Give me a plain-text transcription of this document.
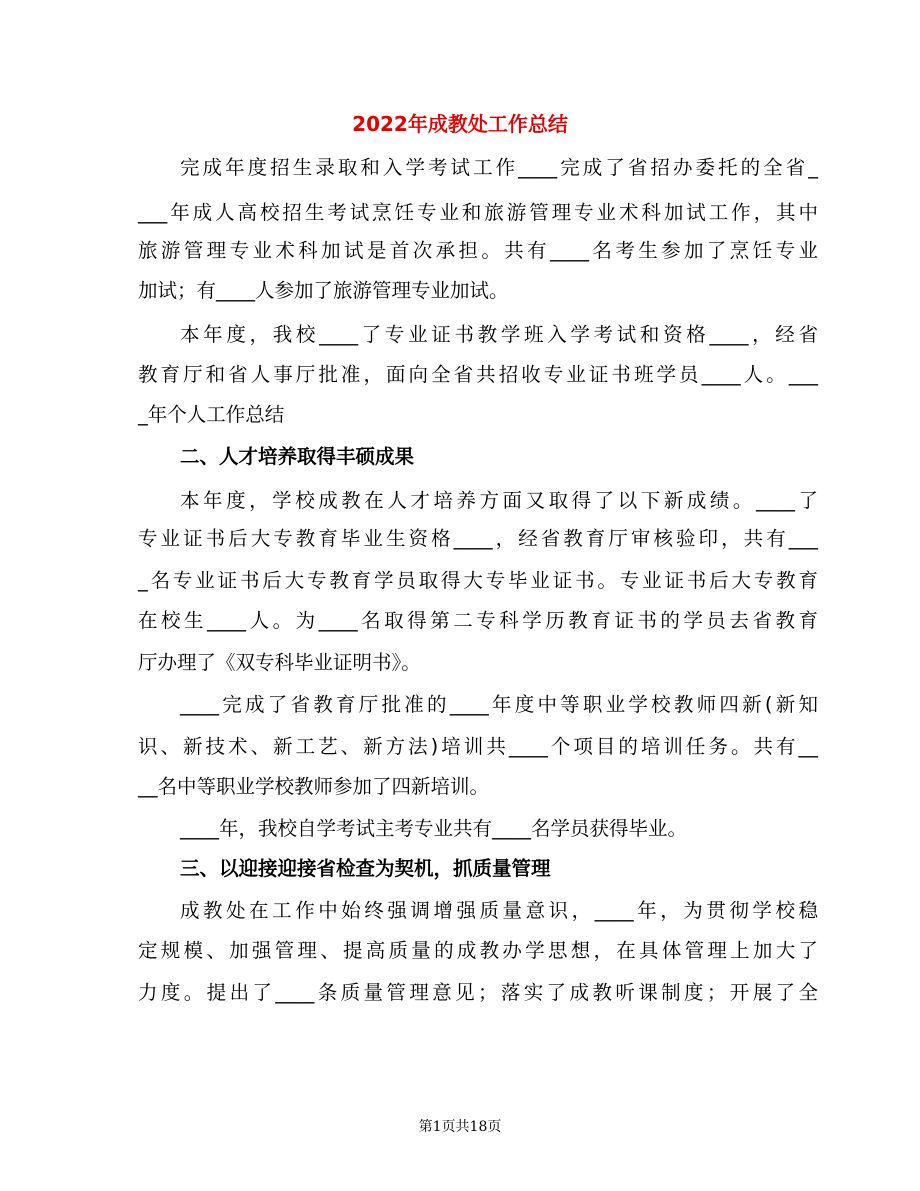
2022年成教处工作总结

完成年度招生录取和入学考试工作____完成了省招办委托的全省_

___年成人高校招生考试烹饪专业和旅游管理专业术科加试工作，其中

旅游管理专业术科加试是首次承担。共有____名考生参加了烹饪专业

加试；有____人参加了旅游管理专业加试。

本年度，我校____了专业证书教学班入学考试和资格____，经省

教育厅和省人事厅批准，面向全省共招收专业证书班学员____人。___

_年个人工作总结

二、人才培养取得丰硕成果

本年度，学校成教在人才培养方面又取得了以下新成绩。____了

专业证书后大专教育毕业生资格____，经省教育厅审核验印，共有___

_名专业证书后大专教育学员取得大专毕业证书。专业证书后大专教育

在校生____人。为____名取得第二专科学历教育证书的学员去省教育

厅办理了《双专科毕业证明书》。

____完成了省教育厅批准的____年度中等职业学校教师四新(新知

识、新技术、新工艺、新方法)培训共____个项目的培训任务。共有__

__名中等职业学校教师参加了四新培训。

____年，我校自学考试主考专业共有____名学员获得毕业。

三、以迎接迎接省检查为契机，抓质量管理

成教处在工作中始终强调增强质量意识，____年，为贯彻学校稳

定规模、加强管理、提高质量的成教办学思想，在具体管理上加大了

力度。提出了____条质量管理意见；落实了成教听课制度；开展了全

第1页共18页
